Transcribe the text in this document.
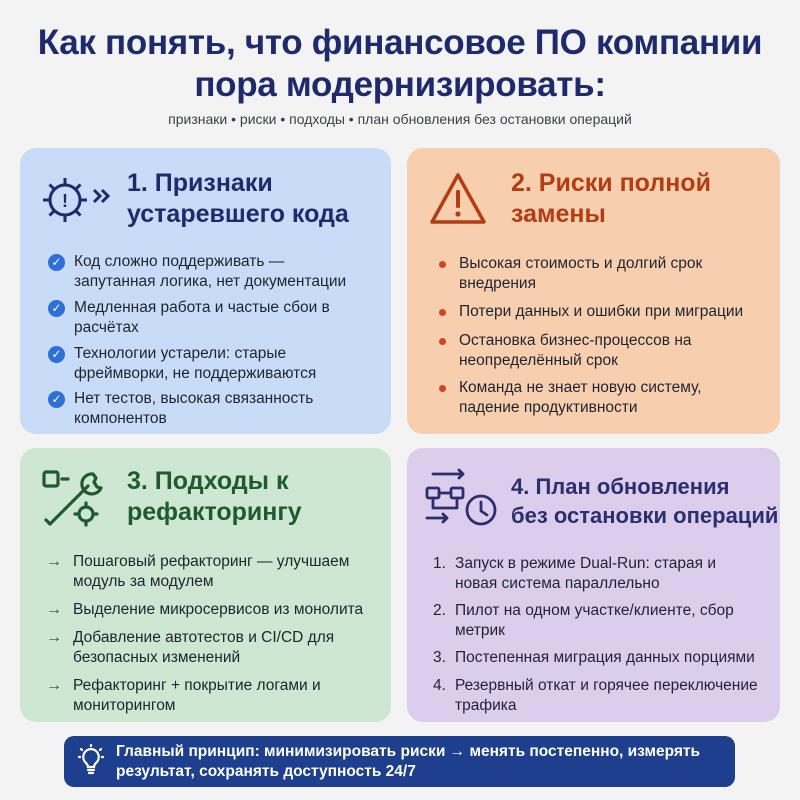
Как понять, что финансовое ПО компании
пора модернизировать:
признаки • риски • подходы • план обновления без остановки операций
!
1. Признаки
устаревшего кода
✓ Код сложно поддерживать —
запутанная логика, нет документации
✓ Медленная работа и частые сбои в
расчётах
✓ Технологии устарели: старые
фреймворки, не поддерживаются
✓ Нет тестов, высокая связанность
компонентов
2. Риски полной
замены
Высокая стоимость и долгий срок
внедрения
Потери данных и ошибки при миграции
Остановка бизнес-процессов на
неопределённый срок
Команда не знает новую систему,
падение продуктивности
3. Подходы к
рефакторингу
→ Пошаговый рефакторинг — улучшаем
модуль за модулем
→ Выделение микросервисов из монолита
→ Добавление автотестов и CI/CD для
безопасных изменений
→ Рефакторинг + покрытие логами и
мониторингом
4. План обновления
без остановки операций
1. Запуск в режиме Dual-Run: старая и
новая система параллельно
2. Пилот на одном участке/клиенте, сбор
метрик
3. Постепенная миграция данных порциями
4. Резервный откат и горячее переключение
трафика
Главный принцип: минимизировать риски → менять постепенно, измерять
результат, сохранять доступность 24/7
